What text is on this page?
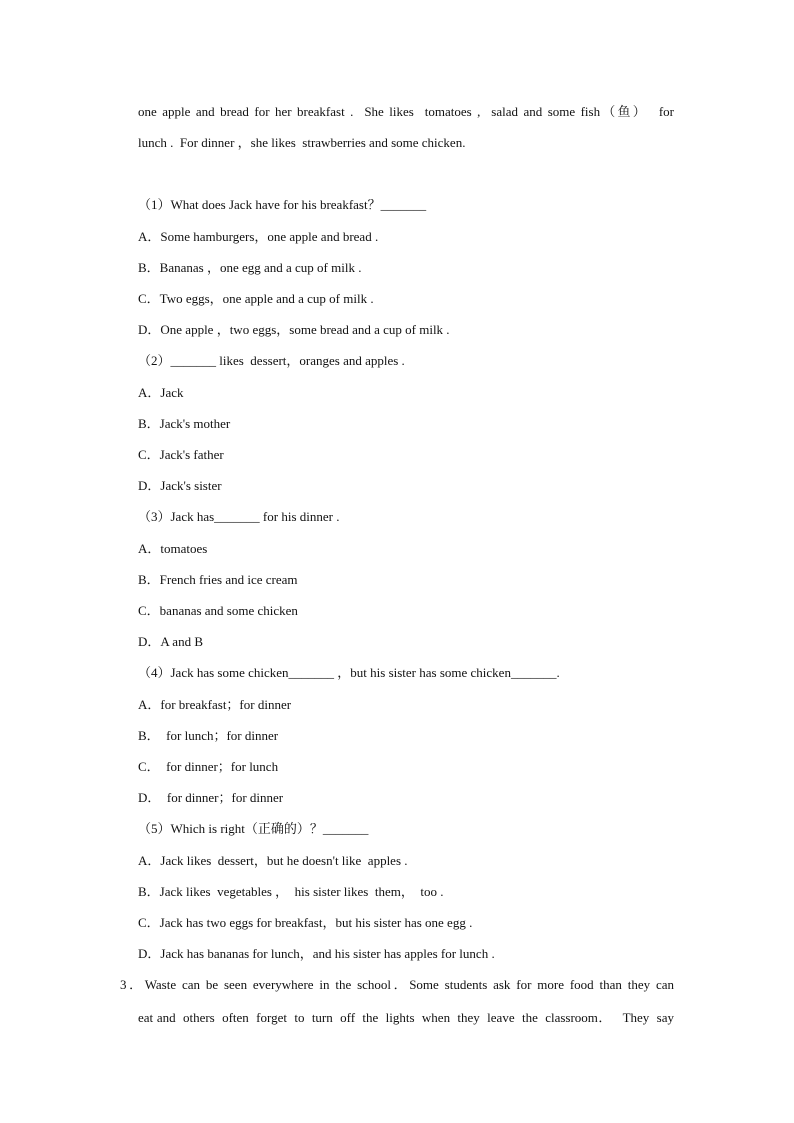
one apple and bread for her breakfast .  She likes  tomatoes ,  salad and some fish（鱼）  for
lunch .  For dinner ，she likes  strawberries and some chicken.
（1）What does Jack have for his breakfast？_______
A．Some hamburgers，one apple and bread .
B．Bananas ，one egg and a cup of milk .
C．Two eggs，one apple and a cup of milk .
D．One apple ，two eggs，some bread and a cup of milk .
（2）_______ likes  dessert，oranges and apples .
A．Jack
B．Jack's mother
C．Jack's father
D．Jack's sister
（3）Jack has_______ for his dinner .
A．tomatoes
B．French fries and ice cream
C．bananas and some chicken
D．A and B
（4）Jack has some chicken_______ ，but his sister has some chicken_______.
A．for breakfast；for dinner
B．  for lunch；for dinner
C．  for dinner；for lunch
D．  for dinner；for dinner
（5）Which is right（正确的）？_______
A．Jack likes  dessert，but he doesn't like  apples .
B．Jack likes  vegetables ，  his sister likes  them，  too .
C．Jack has two eggs for breakfast，but his sister has one egg .
D．Jack has bananas for lunch，and his sister has apples for lunch .
3．Waste can be seen everywhere in the school．Some students ask for more food than they can
eat and  others  often  forget  to  turn  off  the  lights  when  they  leave  the  classroom．   They  say
